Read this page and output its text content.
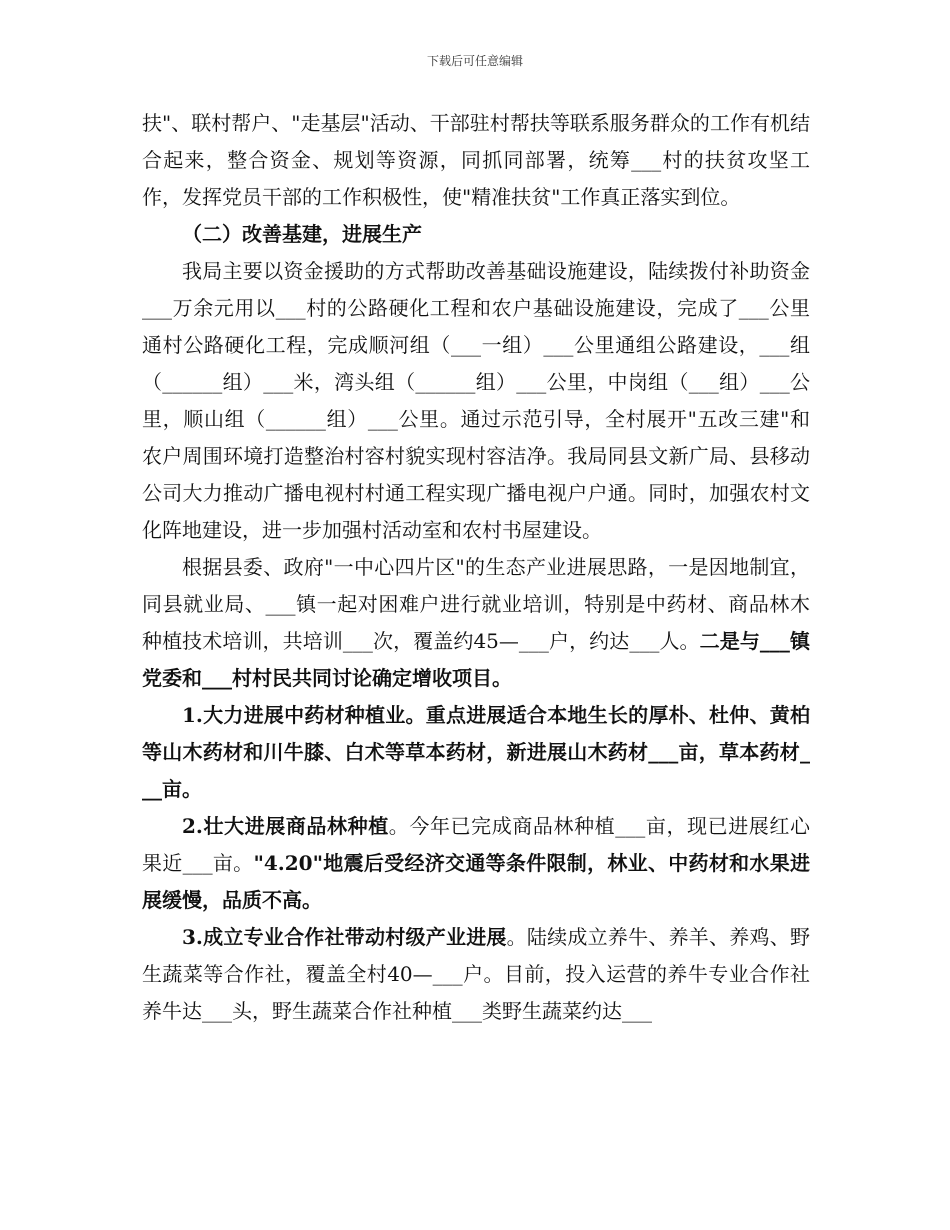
下载后可任意编辑

扶"、联村帮户、"走基层"活动、干部驻村帮扶等联系服务群众的工作有机结合起来，整合资金、规划等资源，同抓同部署，统筹___村的扶贫攻坚工作，发挥党员干部的工作积极性，使"精准扶贫"工作真正落实到位。

（二）改善基建，进展生产

我局主要以资金援助的方式帮助改善基础设施建设，陆续拨付补助资金___万余元用以___村的公路硬化工程和农户基础设施建设，完成了___公里通村公路硬化工程，完成顺河组（___一组）___公里通组公路建设，___组（______组）___米，湾头组（______组）___公里，中岗组（___组）___公里，顺山组（______组）___公里。通过示范引导，全村展开"五改三建"和农户周围环境打造整治村容村貌实现村容洁净。我局同县文新广局、县移动公司大力推动广播电视村村通工程实现广播电视户户通。同时，加强农村文化阵地建设，进一步加强村活动室和农村书屋建设。

根据县委、政府"一中心四片区"的生态产业进展思路，一是因地制宜，同县就业局、___镇一起对困难户进行就业培训，特别是中药材、商品林木种植技术培训，共培训___次，覆盖约45—___户，约达___人。二是与___镇党委和___村村民共同讨论确定增收项目。

1.大力进展中药材种植业。重点进展适合本地生长的厚朴、杜仲、黄柏等山木药材和川牛膝、白术等草本药材，新进展山木药材___亩，草本药材___亩。

2.壮大进展商品林种植。今年已完成商品林种植___亩，现已进展红心果近___亩。"4.20"地震后受经济交通等条件限制，林业、中药材和水果进展缓慢，品质不高。

3.成立专业合作社带动村级产业进展。陆续成立养牛、养羊、养鸡、野生蔬菜等合作社，覆盖全村40—___户。目前，投入运营的养牛专业合作社养牛达___头，野生蔬菜合作社种植___类野生蔬菜约达___
